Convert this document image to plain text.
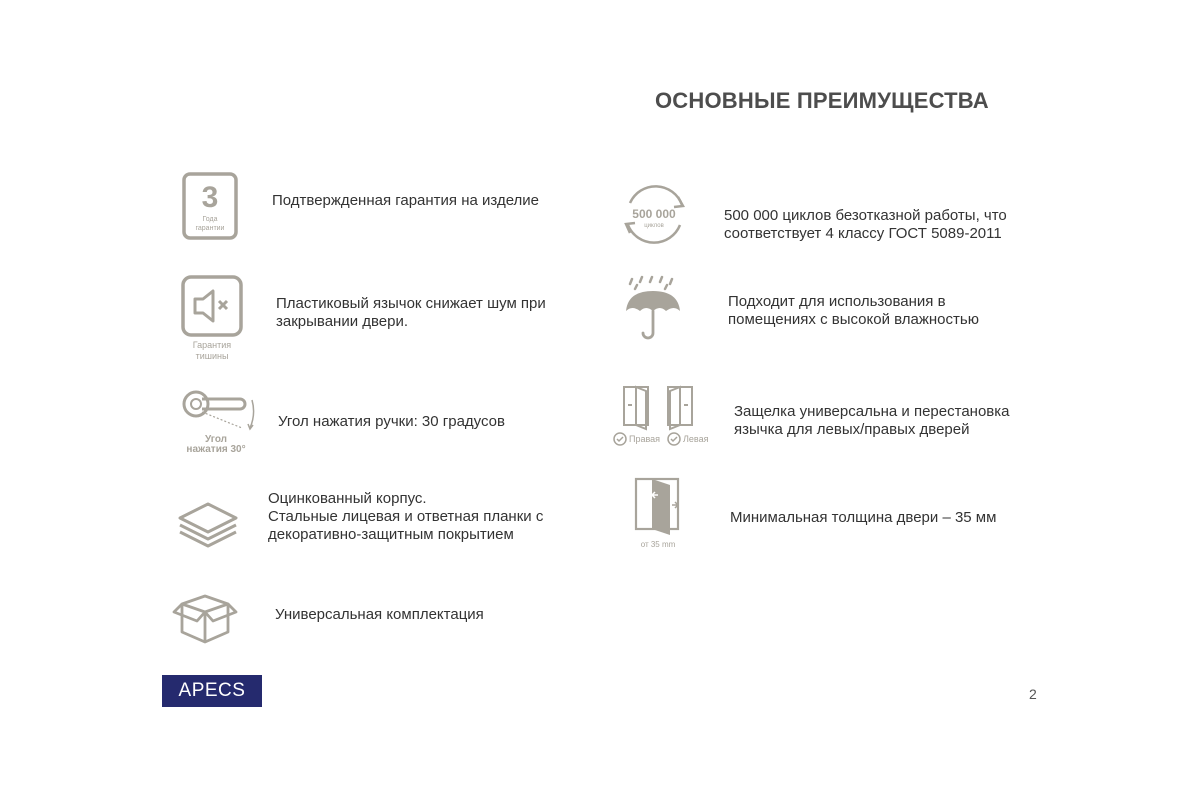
ОСНОВНЫЕ ПРЕИМУЩЕСТВА
3
Года
гарантии
Подтвержденная гарантия на изделие
Гарантия
тишины
Пластиковый язычок снижает шум при
закрывании двери.
Угол
нажатия 30°
Угол нажатия ручки: 30 градусов
Оцинкованный корпус.
Стальные лицевая и ответная планки с
декоративно-защитным покрытием
Универсальная комплектация
500 000
циклов
500 000 циклов безотказной работы, что
соответствует 4 классу ГОСТ 5089-2011
Подходит для использования в
помещениях с высокой влажностью
Правая	Левая
Защелка универсальна и перестановка
язычка для левых/правых дверей
от 35 mm
Минимальная толщина двери – 35 мм
APECS	2
